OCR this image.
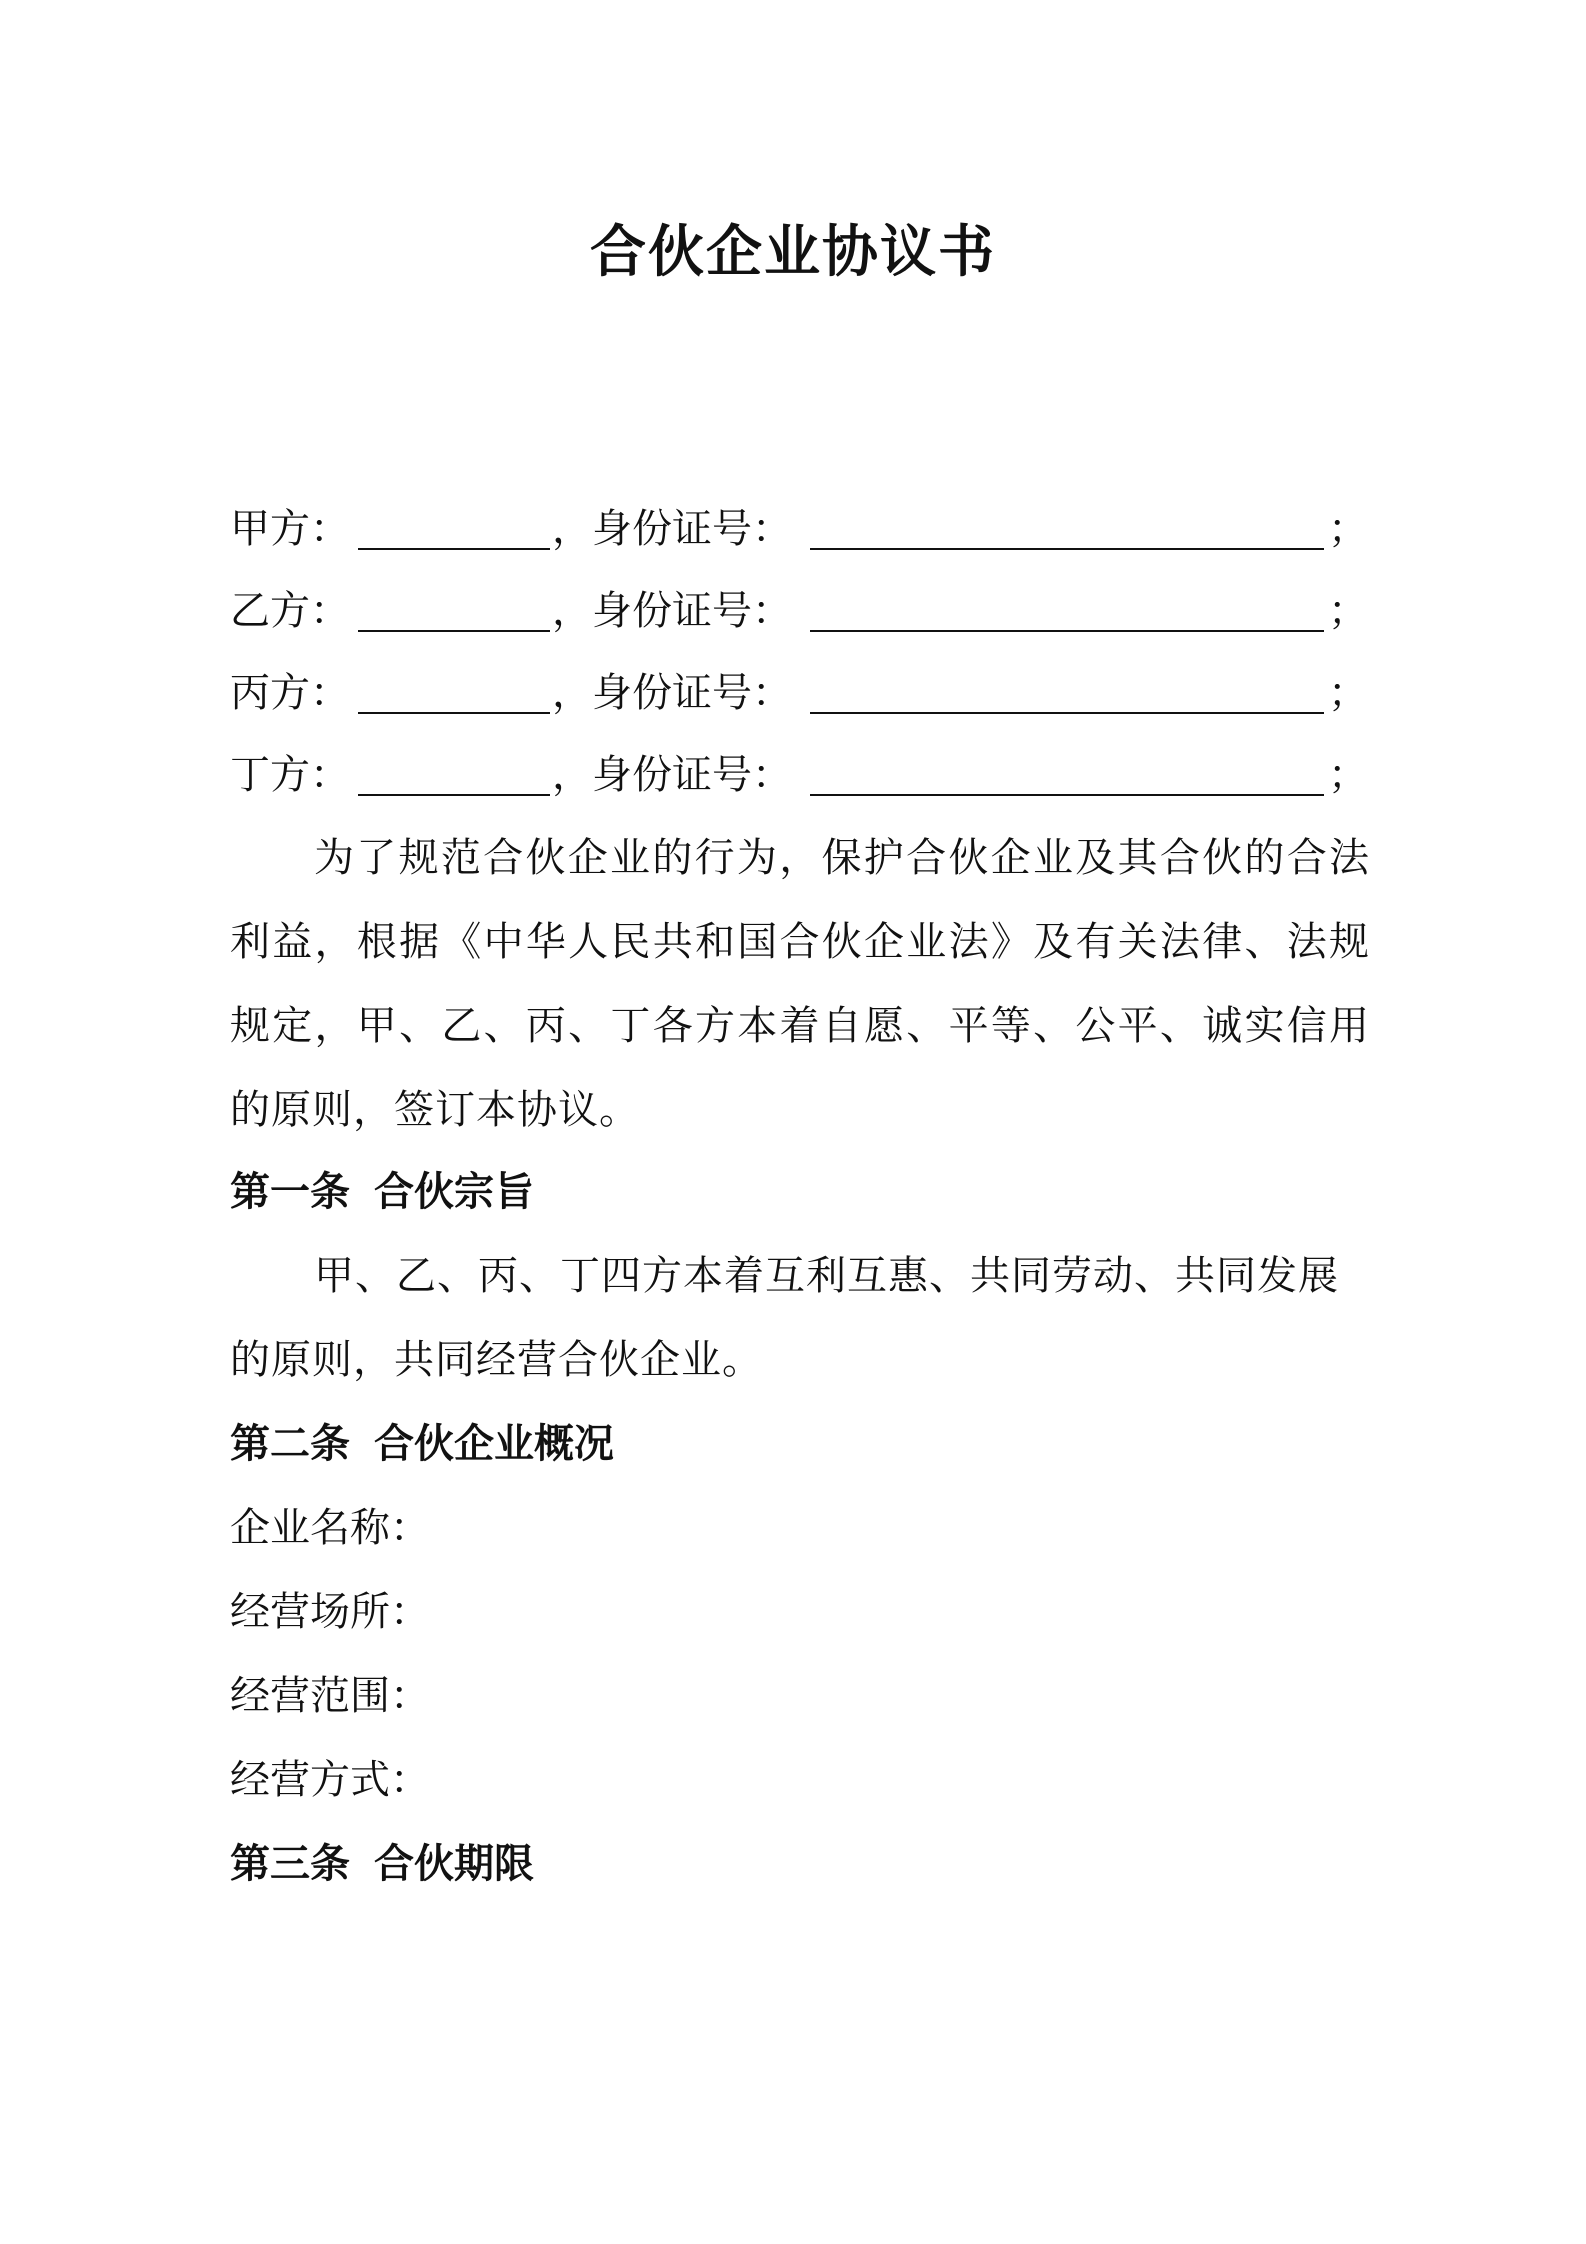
合伙企业协议书
甲方：	， 身份证号：	；
乙方：	， 身份证号：	；
丙方：	， 身份证号：	；
丁方：	， 身份证号：	；
为了规范合伙企业的行为，保护合伙企业及其合伙的合法利益，根据《中华人民共和国合伙企业法》及有关法律、法规规定，甲、乙、丙、丁各方本着自愿、平等、公平、诚实信用的原则，签订本协议。
第一条 合伙宗旨
甲、乙、丙、丁四方本着互利互惠、共同劳动、共同发展的原则，共同经营合伙企业。
第二条 合伙企业概况
企业名称：
经营场所：
经营范围：
经营方式：
第三条 合伙期限
